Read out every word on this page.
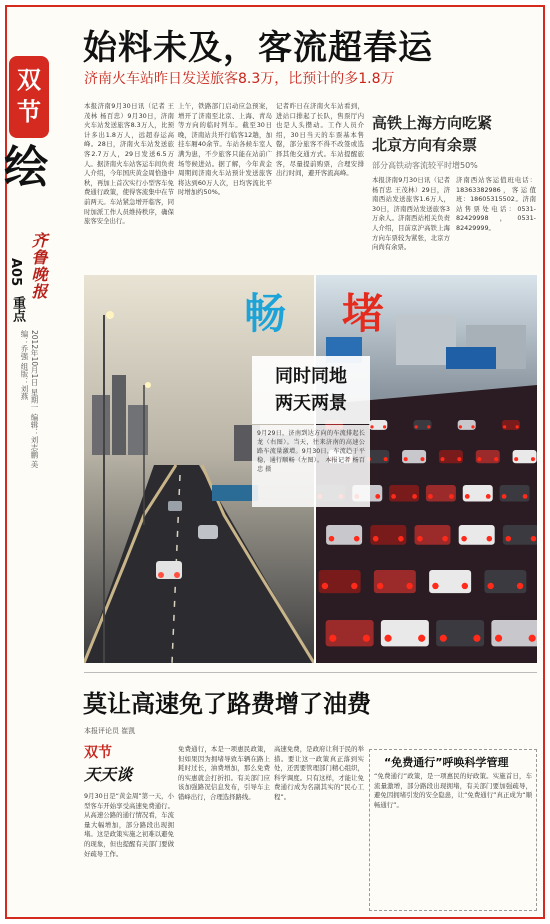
双
节
绘
齐鲁晚报
A05
重点
2012年10月1日 星期一 编辑：刘志鹏 美编：乔强 组版：刘燕
始料未及，客流超春运
济南火车站昨日发送旅客8.3万，比预计的多1.8万
本报济南9月30日讯（记者 王茂林 杨百忠）9月30日，济南火车站发送旅客8.3万人，比预计多出1.8万人，远超春运高峰。28日，济南火车站发送旅客2.7万人，29日发送6.5万人。据济南火车站客运车间负责人介绍，今年国庆黄金周恰逢中秋，再加上首次实行小型客车免费通行政策，使得客流集中在节前两天。车站紧急增开临客，同时加派工作人员维持秩序，确保旅客安全出行。
上午，铁路部门启动应急预案，增开了济南至北京、上海、青岛等方向的临时列车。截至30日晚，济南站共开行临客12趟，加挂车厢40余节。车站各候车室人满为患，不少旅客只能在站前广场等候进站。据了解，今年黄金周期间济南火车站预计发送旅客将达到60万人次，日均客流比平时增加约50%。
记者昨日在济南火车站看到，进站口排起了长队，售票厅内也是人头攒动。工作人员介绍，30日当天的车票基本售罄，部分旅客不得不改签或选择其他交通方式。车站提醒旅客，尽量提前购票，合理安排出行时间，避开客流高峰。
高铁上海方向吃紧
北京方向有余票
部分高铁动客流较平时增50%
本报济南9月30日讯（记者 杨百忠 王茂林）29日，济南西站发送旅客1.6万人，30日，济南西站发送旅客3万余人。济南西站相关负责人介绍，目前京沪高铁上海方向车票较为紧张，北京方向尚有余票。
济南西站客运值班电话：18363382986，客运值班：18605315502。济南站售票处电话：0531-82429998，0531-82429999。
畅 堵
同时同地
两天两景
9月29日，济南到达方向的车流排起长龙（右图）。当天，往来济南的高速公路车流量激增。9月30日，车流趋于平稳，通行顺畅（左图）。 本报记者 杨百忠 摄
莫让高速免了路费增了油费
本报评论员 崔凯
双节
天天谈
9月30日是“黄金周”第一天，小型客车开始享受高速免费通行。从高速公路的通行情况看，车流量大幅增加，部分路段出现拥堵。这是政策实施之初难以避免的现象，但也提醒有关部门要做好疏导工作。
免费通行，本是一项惠民政策，但如果因为拥堵导致车辆在路上耗时过长，油费增加，那么免费的实惠就会打折扣。有关部门应该加强路况信息发布，引导车主错峰出行，合理选择路线。
高速免费，是政府让利于民的举措。要让这一政策真正落到实处，还需要管理部门精心组织，科学调度。只有这样，才能让免费通行成为名副其实的“民心工程”。
“免费通行”呼唤科学管理
“免费通行”政策，是一项惠民的好政策。实施首日，车流量激增，部分路段出现拥堵，有关部门要加强疏导，避免因拥堵引发的安全隐患，让“免费通行”真正成为“顺畅通行”。
